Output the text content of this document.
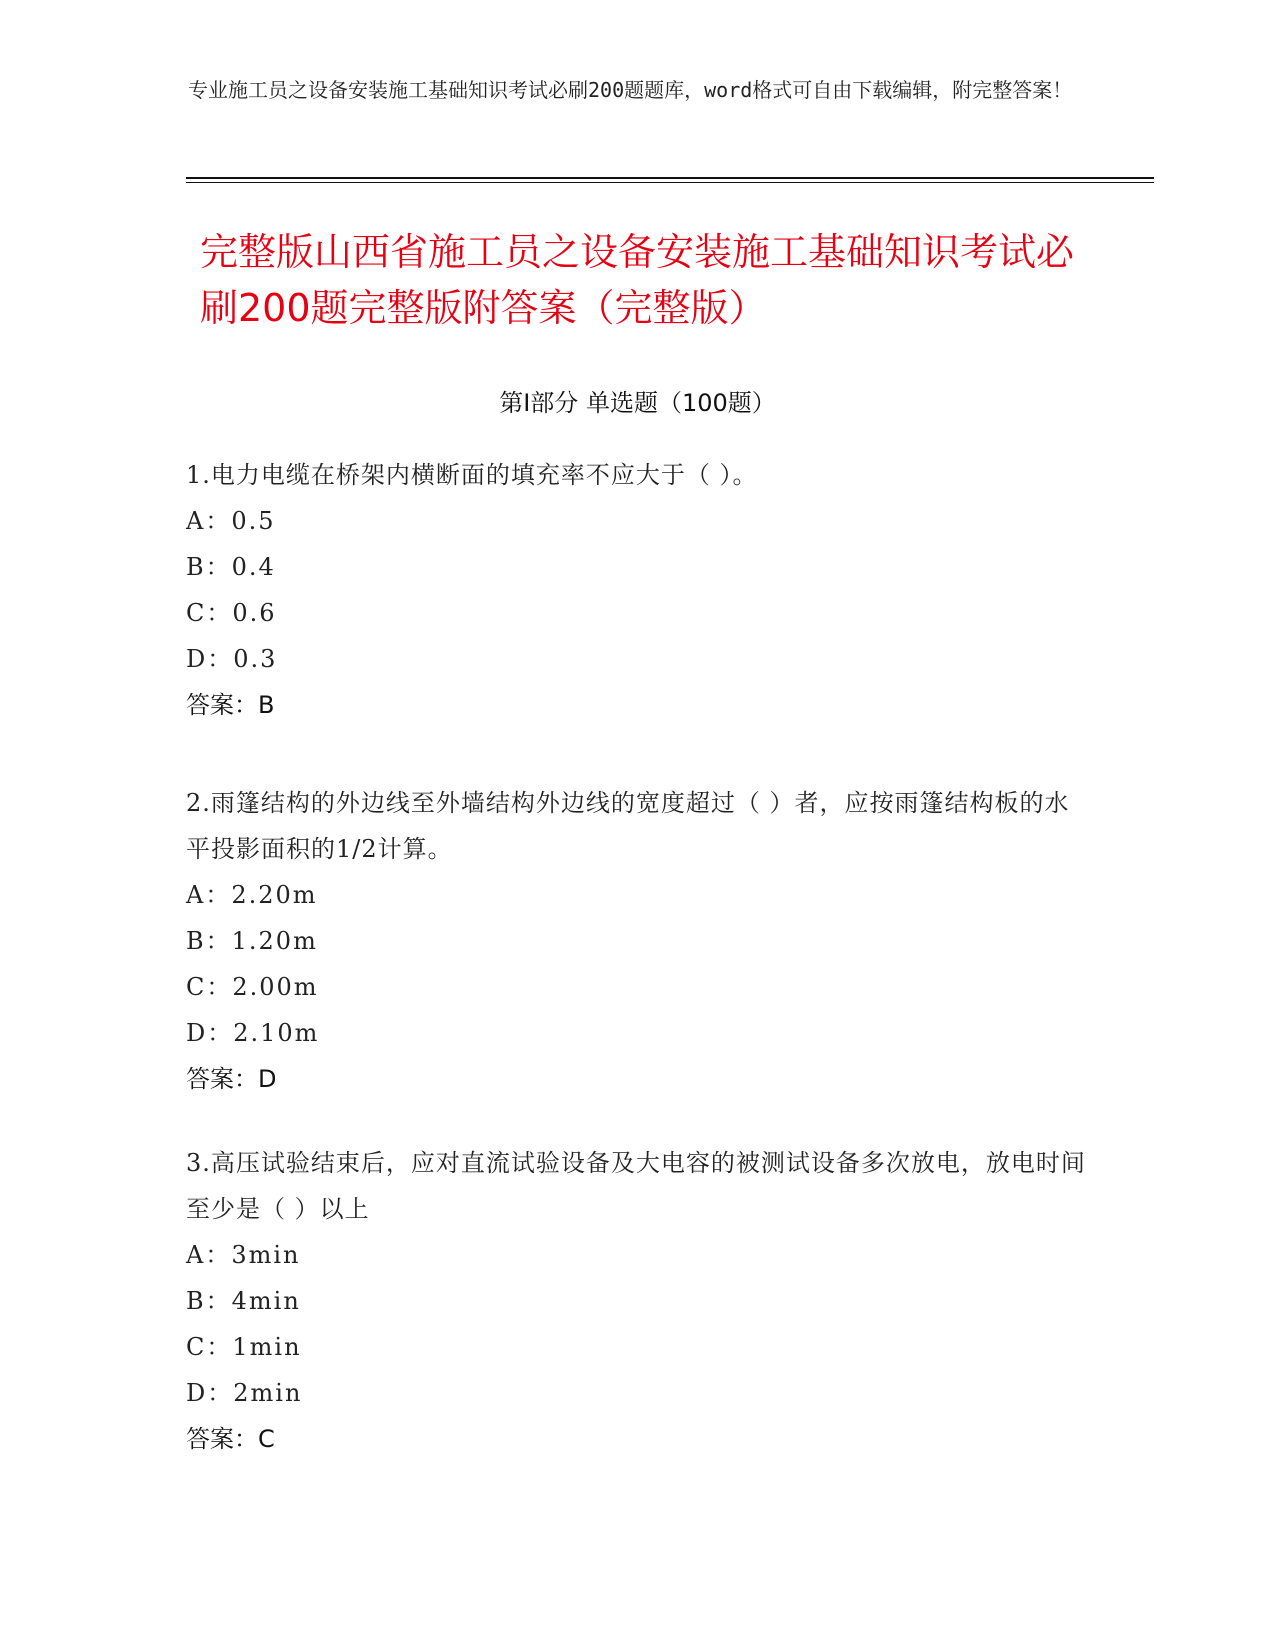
专业施工员之设备安装施工基础知识考试必刷200题题库，word格式可自由下载编辑，附完整答案！
完整版山西省施工员之设备安装施工基础知识考试必刷200题完整版附答案（完整版）
第Ⅰ部分 单选题（100题）
1.电力电缆在桥架内横断面的填充率不应大于（ ）。
A：0.5
B：0.4
C：0.6
D：0.3
答案：B
2.雨篷结构的外边线至外墙结构外边线的宽度超过（ ）者，应按雨篷结构板的水平投影面积的1/2计算。
A：2.20m
B：1.20m
C：2.00m
D：2.10m
答案：D
3.高压试验结束后，应对直流试验设备及大电容的被测试设备多次放电，放电时间至少是（ ）以上
A：3min
B：4min
C：1min
D：2min
答案：C
